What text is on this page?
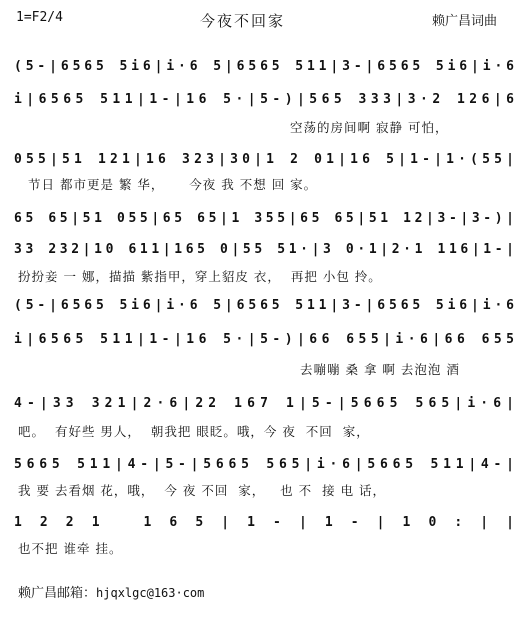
1=F2/4	今夜不回家	赖广昌词曲
(5-|6565 5i6|i·6 5|6565 511|3-|6565 5i6|i·6
i|6565 511|1-|16 5·|5-)|565 333|3·2 126|6
空荡的房间啊 寂静 可怕，
055|51 121|16 323|30|1 2 01|16 5|1-|1·(55|
节日 都市更是 繁 华，     今夜 我 不想 回 家。
65 65|51 055|65 65|1 355|65 65|51 12|3-|3-)|
33 232|10 611|165 0|55 51·|3 0·1|2·1 116|1-|
扮扮妾 一 娜，描描 紫指甲，穿上貂皮 衣，  再把 小包 拎。
(5-|6565 5i6|i·6 5|6565 511|3-|6565 5i6|i·6
i|6565 511|1-|16 5·|5-)|66 655|i·6|66 655
去嘣嘣 桑 拿 啊 去泡泡 酒
4-|33 321|2·6|22 167 1|5-|5665 565|i·6|
吧。  有好些 男人，  朝我把 眼眨。哦，今 夜  不回  家，
5665 511|4-|5-|5665 565|i·6|5665 511|4-|
我 要 去看烟 花，哦，  今 夜 不回  家，   也 不  接 电 话，
1221 165|1-|1-|10:||
也不把 谁牵 挂。
赖广昌邮箱：hjqxlgc@163·com
